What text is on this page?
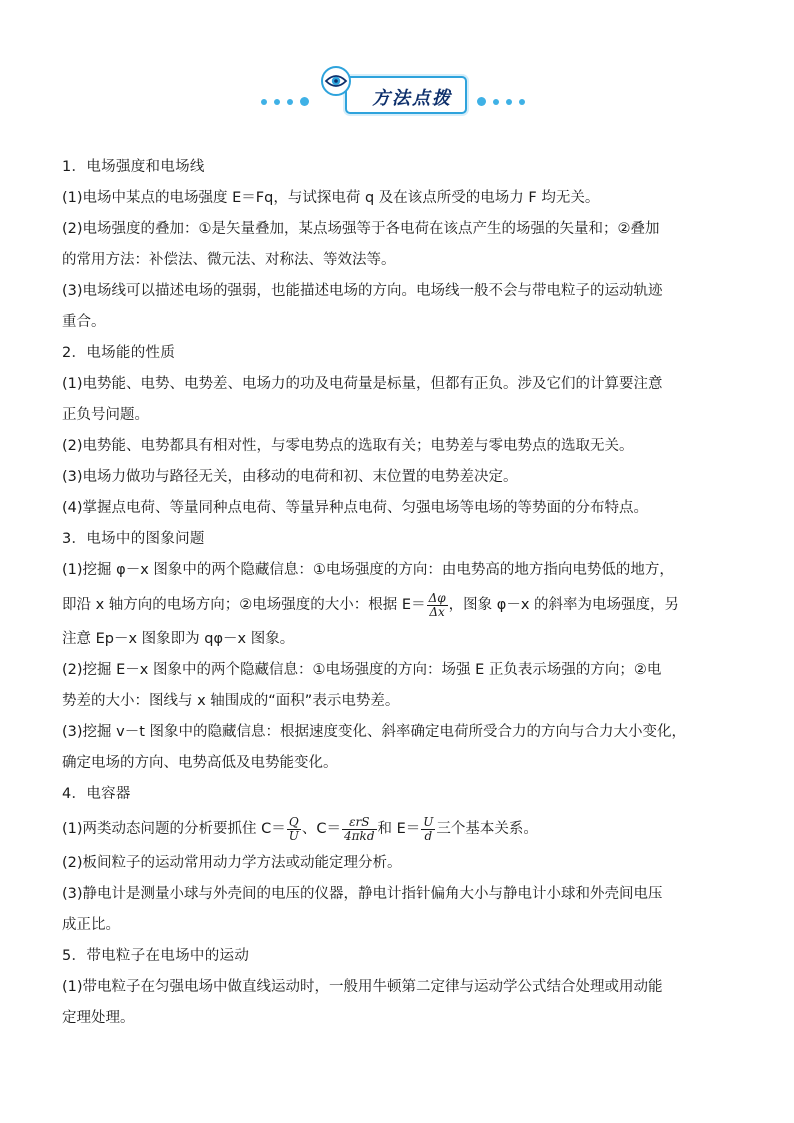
方法点拨
1．电场强度和电场线
(1)电场中某点的电场强度 E＝Fq，与试探电荷 q 及在该点所受的电场力 F 均无关。
(2)电场强度的叠加：①是矢量叠加，某点场强等于各电荷在该点产生的场强的矢量和；②叠加
的常用方法：补偿法、微元法、对称法、等效法等。
(3)电场线可以描述电场的强弱，也能描述电场的方向。电场线一般不会与带电粒子的运动轨迹
重合。
2．电场能的性质
(1)电势能、电势、电势差、电场力的功及电荷量是标量，但都有正负。涉及它们的计算要注意
正负号问题。
(2)电势能、电势都具有相对性，与零电势点的选取有关；电势差与零电势点的选取无关。
(3)电场力做功与路径无关，由移动的电荷和初、末位置的电势差决定。
(4)掌握点电荷、等量同种点电荷、等量异种点电荷、匀强电场等电场的等势面的分布特点。
3．电场中的图象问题
(1)挖掘 φ－x 图象中的两个隐藏信息：①电场强度的方向：由电势高的地方指向电势低的地方，
即沿 x 轴方向的电场方向；②电场强度的大小：根据 $E= \frac{\Delta\varphi}{\Delta x}$ ，图象 φ－x 的斜率为电场强度，另
注意 Ep－x 图象即为 qφ－x 图象。
(2)挖掘 E－x 图象中的两个隐藏信息：①电场强度的方向：场强 E 正负表示场强的方向；②电
势差的大小：图线与 x 轴围成的“面积”表示电势差。
(3)挖掘 v－t 图象中的隐藏信息：根据速度变化、斜率确定电荷所受合力的方向与合力大小变化，
确定电场的方向、电势高低及电势能变化。
4．电容器
(1)两类动态问题的分析要抓住 $C= \frac{Q}{U}$ 、$C= \frac{\text{εrS}}{\text{4πkd}}$ 和 $E= \frac{U}{d}$ 三个基本关系。
(2)板间粒子的运动常用动力学方法或动能定理分析。
(3)静电计是测量小球与外壳间的电压的仪器，静电计指针偏角大小与静电计小球和外壳间电压
成正比。
5．带电粒子在电场中的运动
(1)带电粒子在匀强电场中做直线运动时，一般用牛顿第二定律与运动学公式结合处理或用动能
定理处理。
